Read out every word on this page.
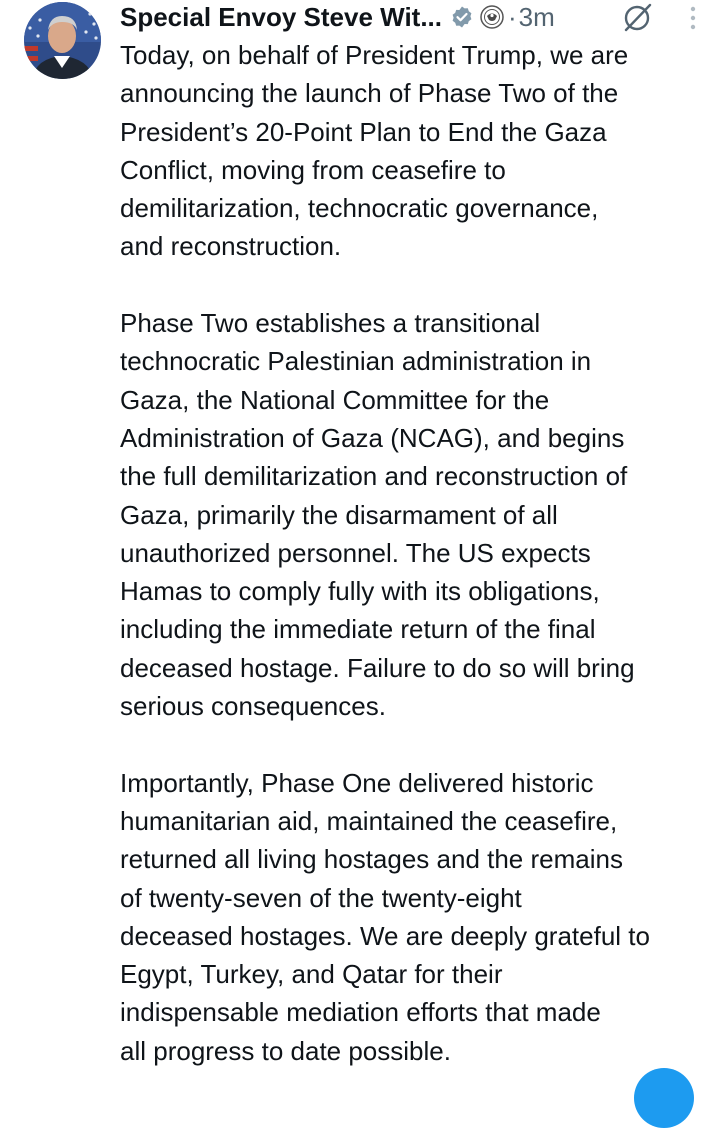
Special Envoy Steve Wit...	· 3m

Today, on behalf of President Trump, we are
announcing the launch of Phase Two of the
President’s 20-Point Plan to End the Gaza
Conflict, moving from ceasefire to
demilitarization, technocratic governance,
and reconstruction.

Phase Two establishes a transitional
technocratic Palestinian administration in
Gaza, the National Committee for the
Administration of Gaza (NCAG), and begins
the full demilitarization and reconstruction of
Gaza, primarily the disarmament of all
unauthorized personnel. The US expects
Hamas to comply fully with its obligations,
including the immediate return of the final
deceased hostage. Failure to do so will bring
serious consequences.

Importantly, Phase One delivered historic
humanitarian aid, maintained the ceasefire,
returned all living hostages and the remains
of twenty-seven of the twenty-eight
deceased hostages. We are deeply grateful to
Egypt, Turkey, and Qatar for their
indispensable mediation efforts that made
all progress to date possible.
